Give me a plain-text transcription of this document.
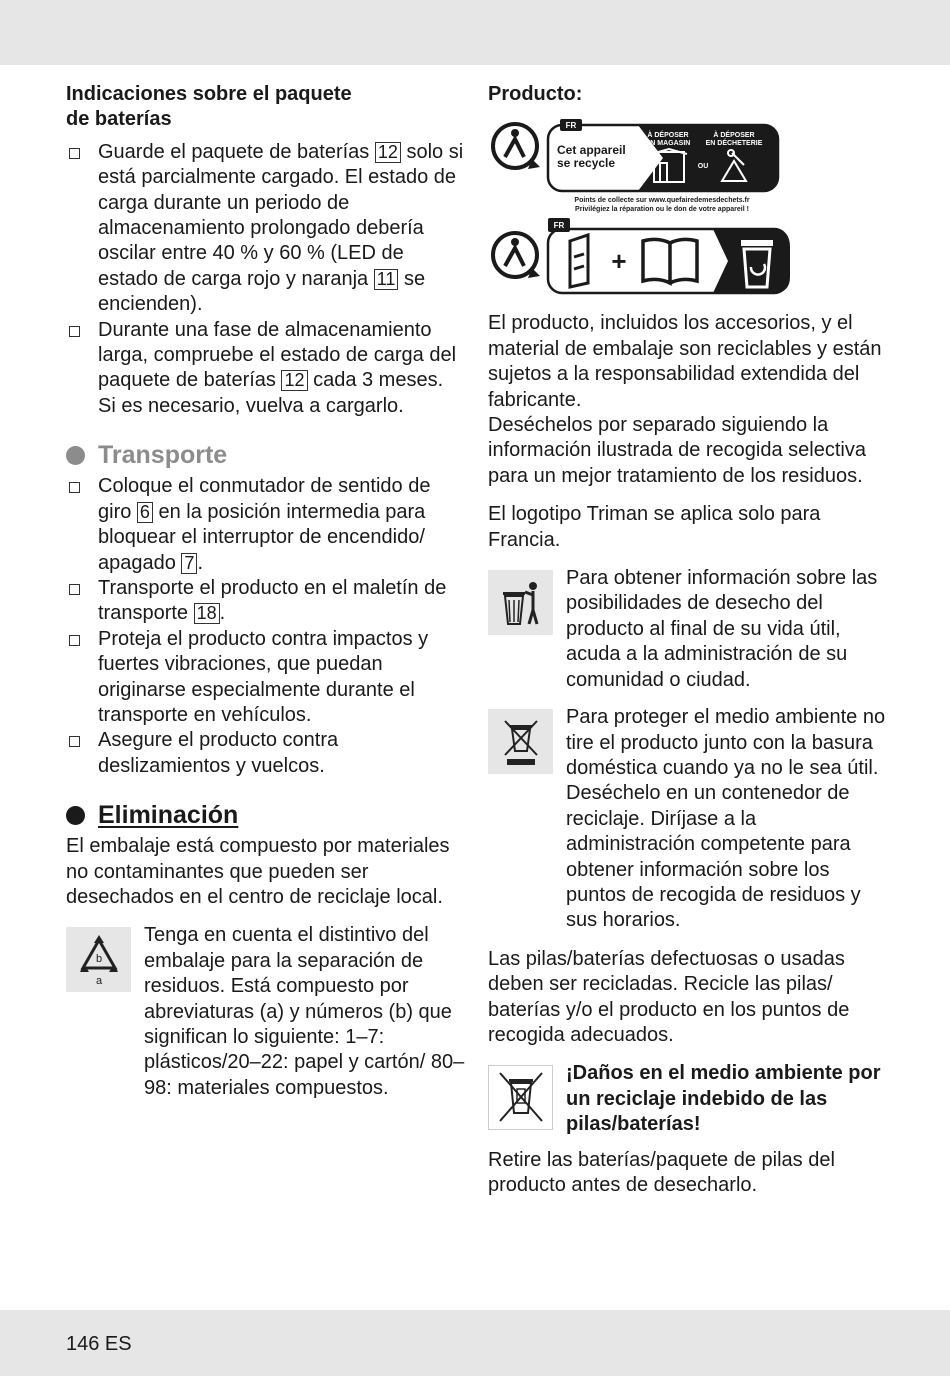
Indicaciones sobre el paquete
de baterías

Guarde el paquete de baterías 12 solo si está parcialmente cargado. El estado de carga durante un periodo de almacenamiento prolongado debería oscilar entre 40 % y 60 % (LED de estado de carga rojo y naranja 11 se encienden).
Durante una fase de almacenamiento larga, compruebe el estado de carga del paquete de baterías 12 cada 3 meses. Si es necesario, vuelva a cargarlo.
Transporte
Coloque el conmutador de sentido de giro 6 en la posición intermedia para bloquear el interruptor de encendido/ apagado 7 .
Transporte el producto en el maletín de transporte 18 .
Proteja el producto contra impactos y fuertes vibraciones, que puedan originarse especialmente durante el transporte en vehículos.
Asegure el producto contra deslizamientos y vuelcos.
Eliminación

El embalaje está compuesto por materiales no contaminantes que pueden ser desechados en el centro de reciclaje local.

b
a

Tenga en cuenta el distintivo del embalaje para la separación de residuos. Está compuesto por abreviaturas (a) y números (b) que significan lo siguiente: 1–7: plásticos/20–22: papel y cartón/ 80–98: materiales compuestos.

Producto:

FR
Cet appareil
se recycle
À DÉPOSER
EN MAGASIN
À DÉPOSER
EN DÉCHETERIE
OU
Points de collecte sur www.quefairedemesdechets.fr
Privilégiez la réparation ou le don de votre appareil !
FR
+

El producto, incluidos los accesorios, y el material de embalaje son reciclables y están sujetos a la responsabilidad extendida del fabricante.

Deséchelos por separado siguiendo la información ilustrada de recogida selectiva para un mejor tratamiento de los residuos.

El logotipo Triman se aplica solo para Francia.

Para obtener información sobre las posibilidades de desecho del producto al final de su vida útil, acuda a la administración de su comunidad o ciudad.

Para proteger el medio ambiente no tire el producto junto con la basura doméstica cuando ya no le sea útil. Deséchelo en un contenedor de reciclaje. Diríjase a la administración competente para obtener información sobre los puntos de recogida de residuos y sus horarios.

Las pilas/baterías defectuosas o usadas deben ser recicladas. Recicle las pilas/ baterías y/o el producto en los puntos de recogida adecuados.

¡Daños en el medio ambiente por un reciclaje indebido de las pilas/baterías!

Retire las baterías/paquete de pilas del producto antes de desecharlo.

146 ES
